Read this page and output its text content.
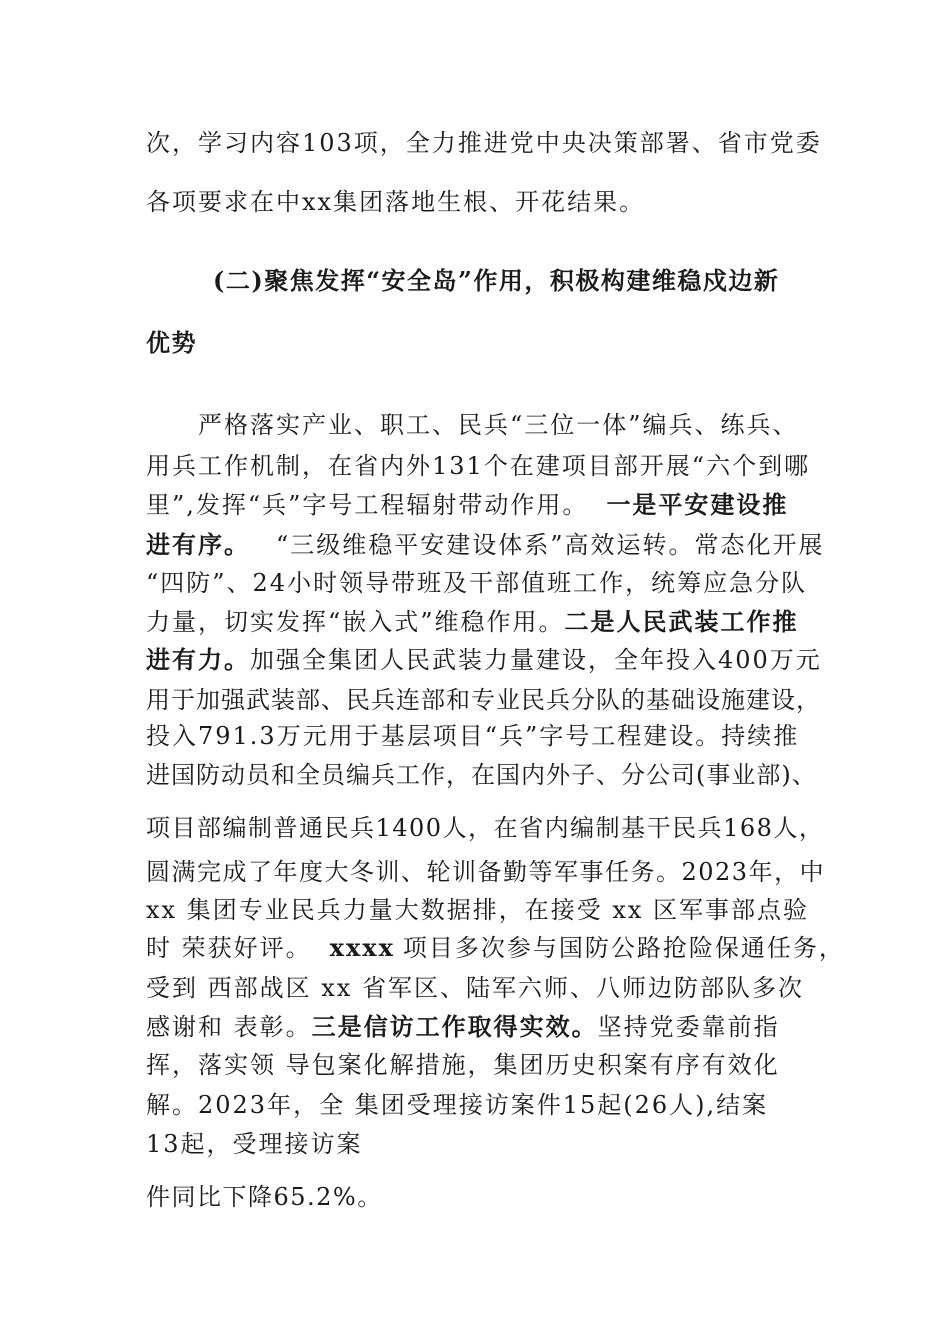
次，学习内容103项，全力推进党中央决策部署、省市党委
各项要求在中xx集团落地生根、开花结果。
(二)聚焦发挥“安全岛”作用，积极构建维稳戍边新
优势
严格落实产业、职工、民兵“三位一体”编兵、练兵、
用兵工作机制，在省内外131个在建项目部开展“六个到哪
里”,发挥“兵”字号工程辐射带动作用。 一是平安建设推
进有序。 “三级维稳平安建设体系”高效运转。常态化开展
“四防”、24小时领导带班及干部值班工作，统筹应急分队
力量，切实发挥“嵌入式”维稳作用。二是人民武装工作推
进有力。加强全集团人民武装力量建设，全年投入400万元
用于加强武装部、民兵连部和专业民兵分队的基础设施建设，
投入791.3万元用于基层项目“兵”字号工程建设。持续推
进国防动员和全员编兵工作，在国内外子、分公司(事业部)、
项目部编制普通民兵1400人，在省内编制基干民兵168人，
圆满完成了年度大冬训、轮训备勤等军事任务。2023年，中
xx 集团专业民兵力量大数据排，在接受 xx 区军事部点验
时 荣获好评。 xxxx 项目多次参与国防公路抢险保通任务，
受到 西部战区 xx 省军区、陆军六师、八师边防部队多次
感谢和 表彰。三是信访工作取得实效。坚持党委靠前指
挥，落实领 导包案化解措施，集团历史积案有序有效化
解。2023年，全 集团受理接访案件15起(26人),结案
13起，受理接访案
件同比下降65.2%。
